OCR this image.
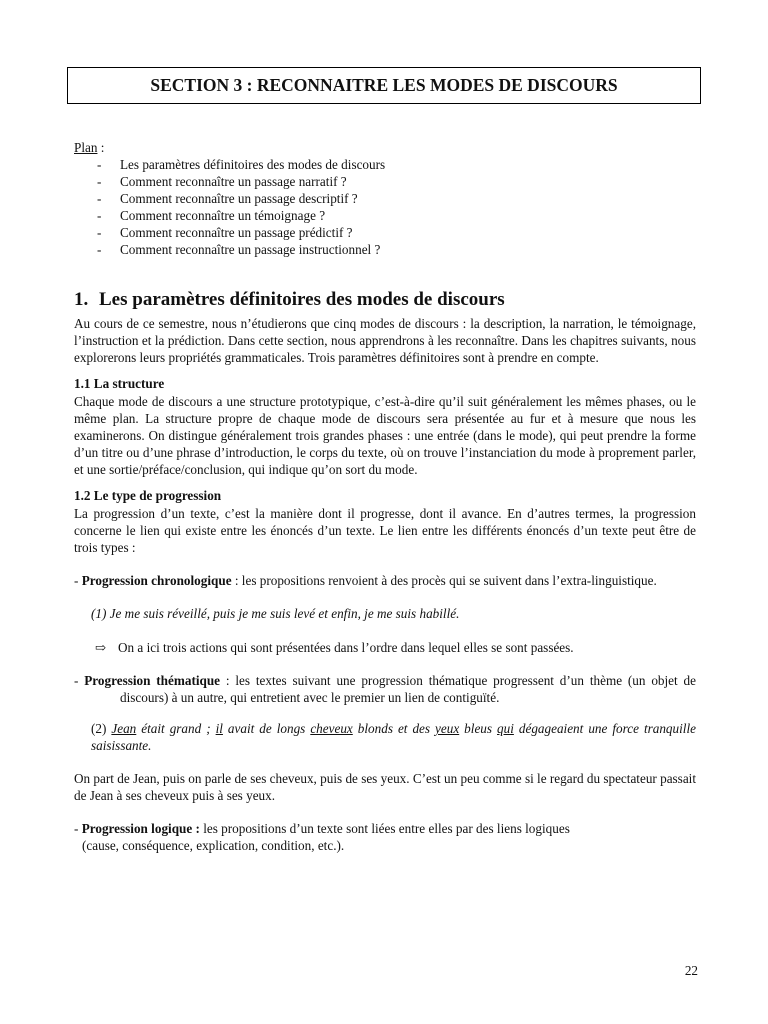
SECTION 3 : RECONNAITRE LES MODES DE DISCOURS
Plan :
- Les paramètres définitoires des modes de discours
- Comment reconnaître un passage narratif ?
- Comment reconnaître un passage descriptif ?
- Comment reconnaître un témoignage ?
- Comment reconnaître un passage prédictif ?
- Comment reconnaître un passage instructionnel ?
1. Les paramètres définitoires des modes de discours

Au cours de ce semestre, nous n’étudierons que cinq modes de discours : la description, la narration, le témoignage, l’instruction et la prédiction. Dans cette section, nous apprendrons à les reconnaître. Dans les chapitres suivants, nous explorerons leurs propriétés grammaticales. Trois paramètres définitoires sont à prendre en compte.

1.1 La structure

Chaque mode de discours a une structure prototypique, c’est-à-dire qu’il suit généralement les mêmes phases, ou le même plan. La structure propre de chaque mode de discours sera présentée au fur et à mesure que nous les examinerons. On distingue généralement trois grandes phases : une entrée (dans le mode), qui peut prendre la forme d’un titre ou d’une phrase d’introduction, le corps du texte, où on trouve l’instanciation du mode à proprement parler, et une sortie/préface/conclusion, qui indique qu’on sort du mode.

1.2 Le type de progression

La progression d’un texte, c’est la manière dont il progresse, dont il avance. En d’autres termes, la progression concerne le lien qui existe entre les énoncés d’un texte. Le lien entre les différents énoncés d’un texte peut être de trois types :

- Progression chronologique : les propositions renvoient à des procès qui se suivent dans l’extra-linguistique.

(1) Je me suis réveillé, puis je me suis levé et enfin, je me suis habillé.

⇨ On a ici trois actions qui sont présentées dans l’ordre dans lequel elles se sont passées.

- Progression thématique : les textes suivant une progression thématique progressent d’un thème (un objet de discours) à un autre, qui entretient avec le premier un lien de contiguïté.

(2) Jean était grand ; il avait de longs cheveux blonds et des yeux bleus qui dégageaient une force tranquille saisissante.

On part de Jean, puis on parle de ses cheveux, puis de ses yeux. C’est un peu comme si le regard du spectateur passait de Jean à ses cheveux puis à ses yeux.

- Progression logique : les propositions d’un texte sont liées entre elles par des liens logiques

(cause, conséquence, explication, condition, etc.).

22
